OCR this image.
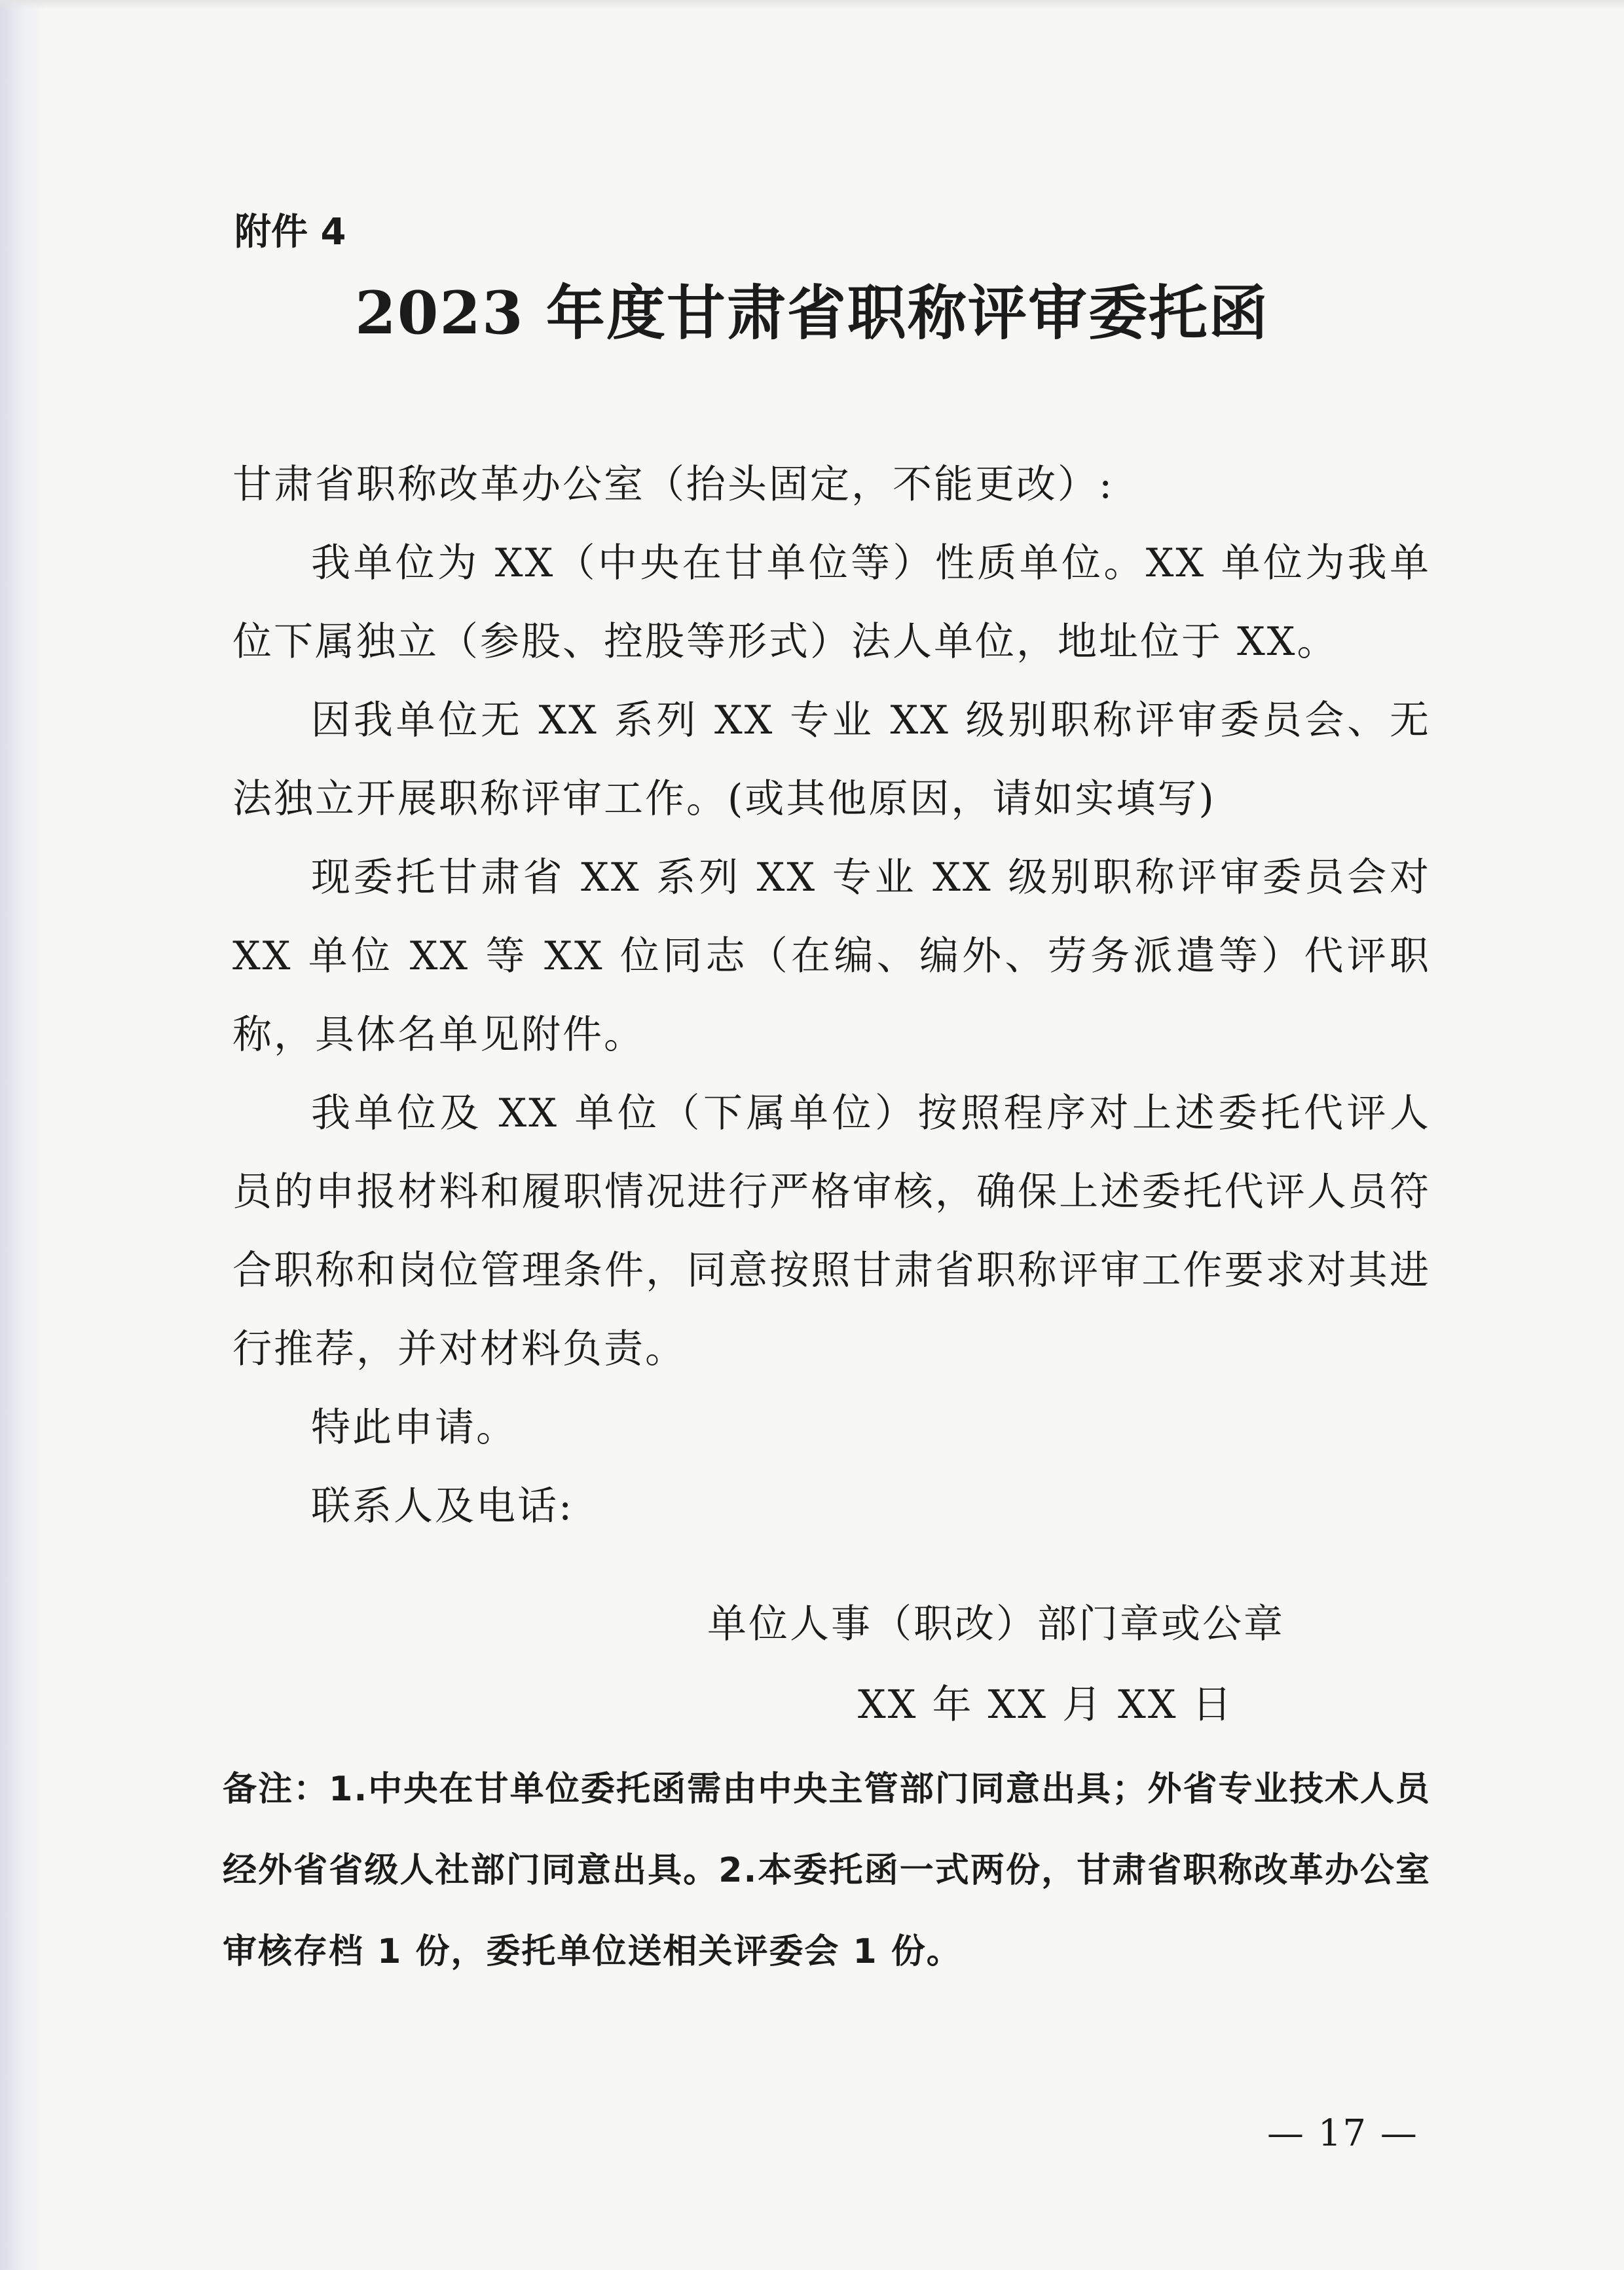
附件 4

2023 年度甘肃省职称评审委托函

甘肃省职称改革办公室（抬头固定，不能更改）:

我单位为 XX（中央在甘单位等）性质单位。XX 单位为我单位下属独立（参股、控股等形式）法人单位，地址位于 XX。

因我单位无 XX 系列 XX 专业 XX 级别职称评审委员会、无法独立开展职称评审工作。(或其他原因，请如实填写)

现委托甘肃省 XX 系列 XX 专业 XX 级别职称评审委员会对 XX 单位 XX 等 XX 位同志（在编、编外、劳务派遣等）代评职称，具体名单见附件。

我单位及 XX 单位（下属单位）按照程序对上述委托代评人员的申报材料和履职情况进行严格审核，确保上述委托代评人员符合职称和岗位管理条件，同意按照甘肃省职称评审工作要求对其进行推荐，并对材料负责。

特此申请。

联系人及电话:

单位人事（职改）部门章或公章

XX 年 XX 月 XX 日

备注：1.中央在甘单位委托函需由中央主管部门同意出具；外省专业技术人员经外省省级人社部门同意出具。2.本委托函一式两份，甘肃省职称改革办公室审核存档 1 份，委托单位送相关评委会 1 份。

— 17 —
